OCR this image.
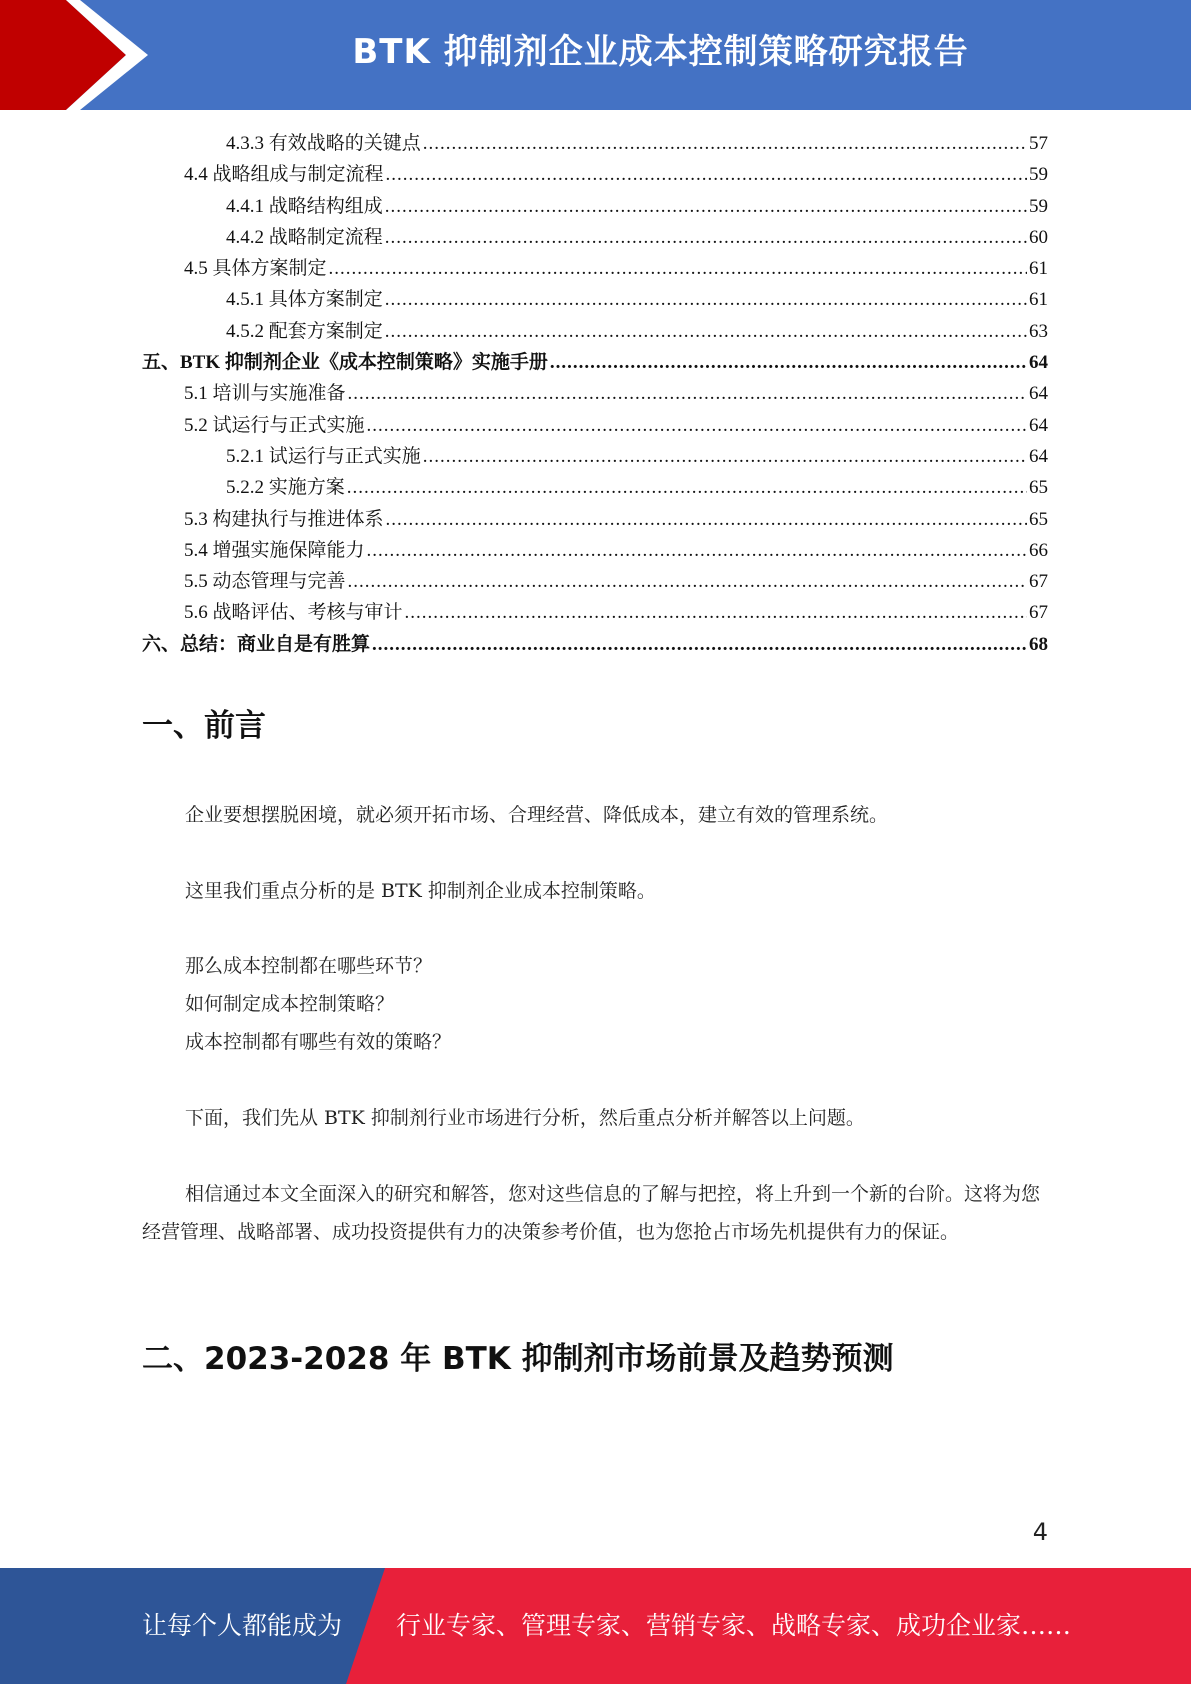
BTK 抑制剂企业成本控制策略研究报告
4.3.3 有效战略的关键点 .....	57
4.4 战略组成与制定流程 .....	59
4.4.1 战略结构组成 .....	59
4.4.2 战略制定流程 .....	60
4.5 具体方案制定 .....	61
4.5.1 具体方案制定 .....	61
4.5.2 配套方案制定 .....	63
五、BTK 抑制剂企业《成本控制策略》实施手册 .....	64
5.1 培训与实施准备 .....	64
5.2 试运行与正式实施 .....	64
5.2.1 试运行与正式实施 .....	64
5.2.2 实施方案 .....	65
5.3 构建执行与推进体系 .....	65
5.4 增强实施保障能力 .....	66
5.5 动态管理与完善 .....	67
5.6 战略评估、考核与审计 .....	67
六、总结：商业自是有胜算 .....	68
一、前言

企业要想摆脱困境，就必须开拓市场、合理经营、降低成本，建立有效的管理系统。

这里我们重点分析的是 BTK 抑制剂企业成本控制策略。

那么成本控制都在哪些环节？

如何制定成本控制策略？

成本控制都有哪些有效的策略？

下面，我们先从 BTK 抑制剂行业市场进行分析，然后重点分析并解答以上问题。

相信通过本文全面深入的研究和解答，您对这些信息的了解与把控，将上升到一个新的台阶。这将为您经营管理、战略部署、成功投资提供有力的决策参考价值，也为您抢占市场先机提供有力的保证。

二、2023-2028 年 BTK 抑制剂市场前景及趋势预测
4
让每个人都能成为 行业专家、管理专家、营销专家、战略专家、成功企业家……
